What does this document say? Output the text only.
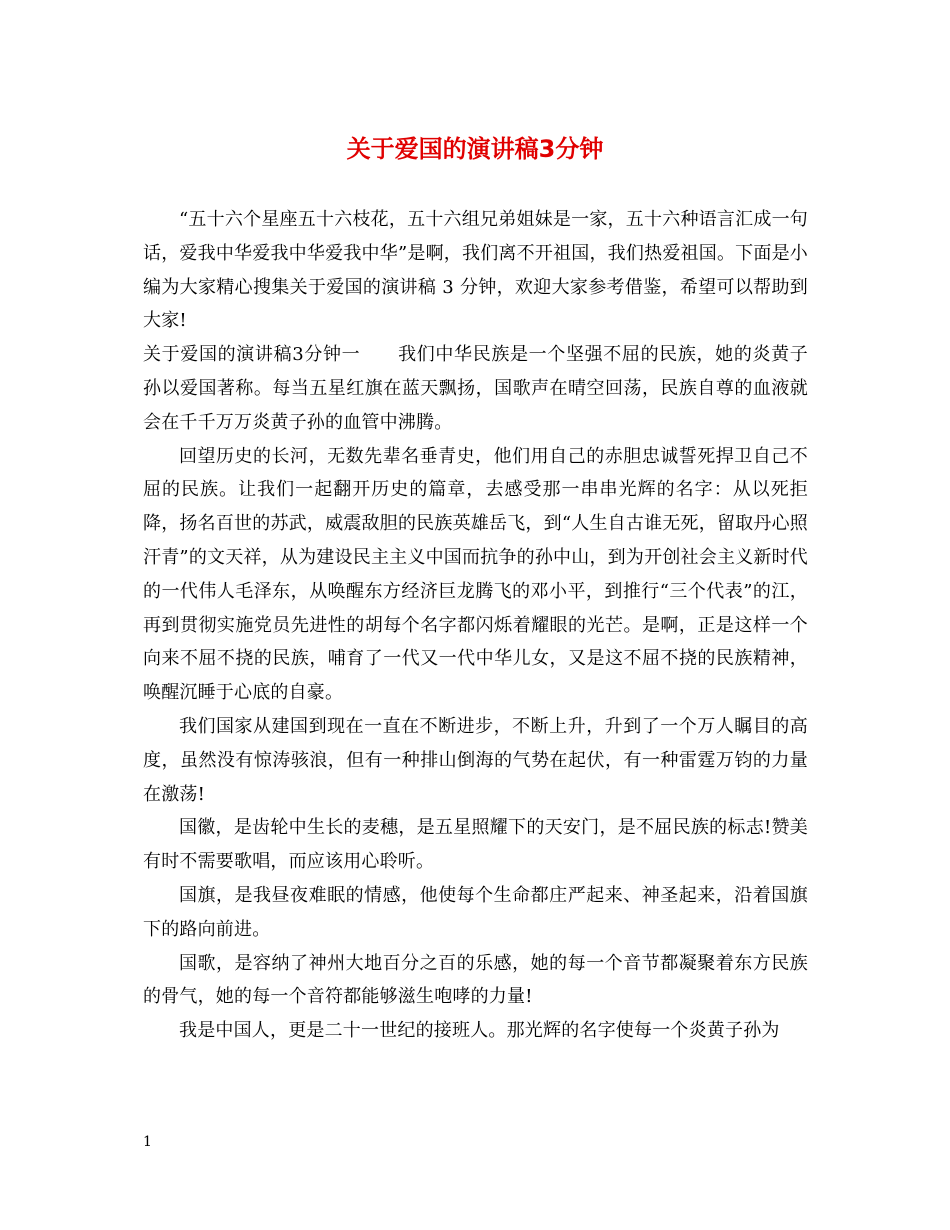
关于爱国的演讲稿3分钟

“五十六个星座五十六枝花，五十六组兄弟姐妹是一家，五十六种语言汇成一句话，爱我中华爱我中华爱我中华”是啊，我们离不开祖国，我们热爱祖国。下面是小编为大家精心搜集关于爱国的演讲稿 3 分钟，欢迎大家参考借鉴，希望可以帮助到大家!

关于爱国的演讲稿3分钟一 我们中华民族是一个坚强不屈的民族，她的炎黄子孙以爱国著称。每当五星红旗在蓝天飘扬，国歌声在晴空回荡，民族自尊的血液就会在千千万万炎黄子孙的血管中沸腾。

回望历史的长河，无数先辈名垂青史，他们用自己的赤胆忠诚誓死捍卫自己不屈的民族。让我们一起翻开历史的篇章，去感受那一串串光辉的名字：从以死拒降，扬名百世的苏武，威震敌胆的民族英雄岳飞，到“人生自古谁无死，留取丹心照汗青”的文天祥，从为建设民主主义中国而抗争的孙中山，到为开创社会主义新时代的一代伟人毛泽东，从唤醒东方经济巨龙腾飞的邓小平，到推行“三个代表”的江，再到贯彻实施党员先进性的胡每个名字都闪烁着耀眼的光芒。是啊，正是这样一个向来不屈不挠的民族，哺育了一代又一代中华儿女，又是这不屈不挠的民族精神，唤醒沉睡于心底的自豪。

我们国家从建国到现在一直在不断进步，不断上升，升到了一个万人瞩目的高度，虽然没有惊涛骇浪，但有一种排山倒海的气势在起伏，有一种雷霆万钧的力量在激荡!

国徽，是齿轮中生长的麦穗，是五星照耀下的天安门，是不屈民族的标志!赞美有时不需要歌唱，而应该用心聆听。

国旗，是我昼夜难眠的情感，他使每个生命都庄严起来、神圣起来，沿着国旗下的路向前进。

国歌，是容纳了神州大地百分之百的乐感，她的每一个音节都凝聚着东方民族的骨气，她的每一个音符都能够滋生咆哮的力量!

我是中国人，更是二十一世纪的接班人。那光辉的名字使每一个炎黄子孙为

1
